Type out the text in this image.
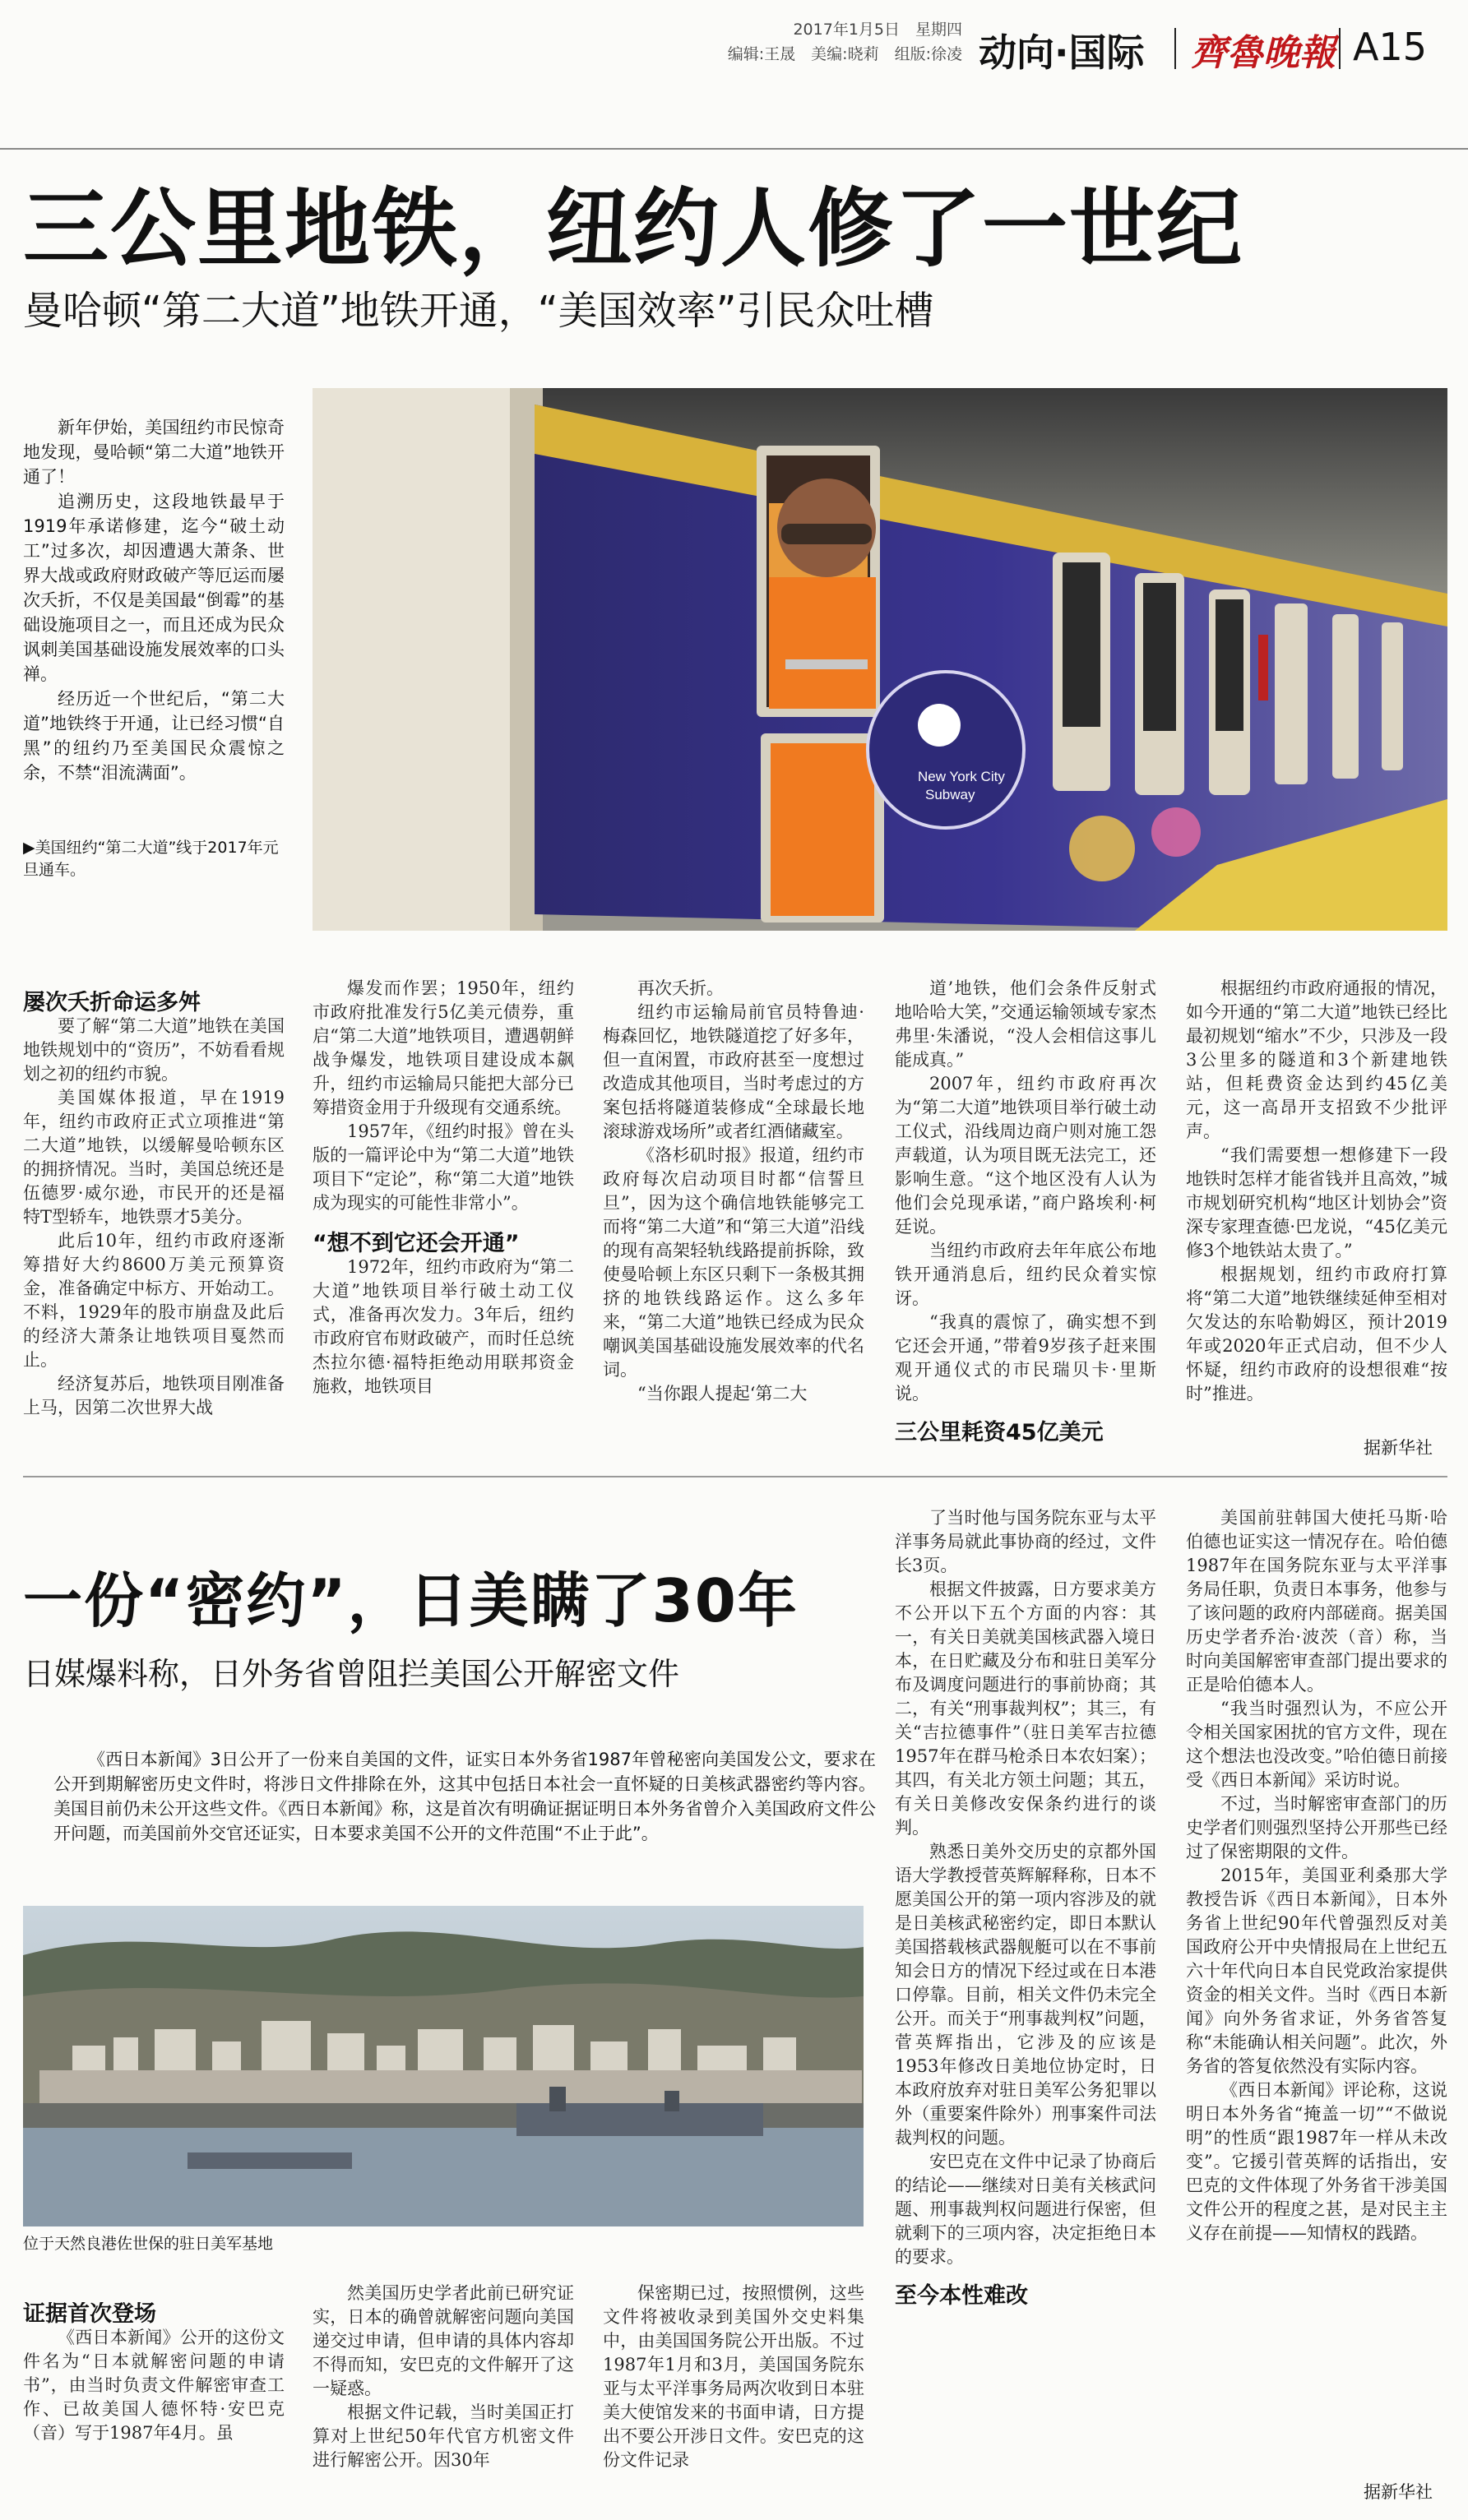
2017年1月5日　星期四
编辑:王晟　美编:晓莉　组版:徐凌 动向·国际 齊魯晚報 A15
三公里地铁，纽约人修了一世纪
曼哈顿“第二大道”地铁开通，“美国效率”引民众吐槽

新年伊始，美国纽约市民惊奇地发现，曼哈顿“第二大道”地铁开通了！

追溯历史，这段地铁最早于1919年承诺修建，迄今“破土动工”过多次，却因遭遇大萧条、世界大战或政府财政破产等厄运而屡次夭折，不仅是美国最“倒霉”的基础设施项目之一，而且还成为民众讽刺美国基础设施发展效率的口头禅。

经历近一个世纪后，“第二大道”地铁终于开通，让已经习惯“自黑”的纽约乃至美国民众震惊之余，不禁“泪流满面”。

▶美国纽约“第二大道”线于2017年元旦通车。
New York City
Subway

屡次夭折命运多舛

要了解“第二大道”地铁在美国地铁规划中的“资历”，不妨看看规划之初的纽约市貌。

美国媒体报道，早在1919年，纽约市政府正式立项推进“第二大道”地铁，以缓解曼哈顿东区的拥挤情况。当时，美国总统还是伍德罗·威尔逊，市民开的还是福特T型轿车，地铁票才5美分。

此后10年，纽约市政府逐渐筹措好大约8600万美元预算资金，准备确定中标方、开始动工。不料，1929年的股市崩盘及此后的经济大萧条让地铁项目戛然而止。

经济复苏后，地铁项目刚准备上马，因第二次世界大战

爆发而作罢；1950年，纽约市政府批准发行5亿美元债券，重启“第二大道”地铁项目，遭遇朝鲜战争爆发，地铁项目建设成本飙升，纽约市运输局只能把大部分已筹措资金用于升级现有交通系统。

1957年，《纽约时报》曾在头版的一篇评论中为“第二大道”地铁项目下“定论”，称“第二大道”地铁成为现实的可能性非常小”。

“想不到它还会开通”

1972年，纽约市政府为“第二大道”地铁项目举行破土动工仪式，准备再次发力。3年后，纽约市政府官布财政破产，而时任总统杰拉尔德·福特拒绝动用联邦资金施救，地铁项目

再次夭折。

纽约市运输局前官员特鲁迪·梅森回忆，地铁隧道挖了好多年，但一直闲置，市政府甚至一度想过改造成其他项目，当时考虑过的方案包括将隧道装修成“全球最长地滚球游戏场所”或者红酒储藏室。

《洛杉矶时报》报道，纽约市政府每次启动项目时都“信誓旦旦”，因为这个确信地铁能够完工而将“第二大道”和“第三大道”沿线的现有高架轻轨线路提前拆除，致使曼哈顿上东区只剩下一条极其拥挤的地铁线路运作。这么多年来，“第二大道”地铁已经成为民众嘲讽美国基础设施发展效率的代名词。

“当你跟人提起‘第二大

道’地铁，他们会条件反射式地哈哈大笑，”交通运输领域专家杰弗里·朱潘说，“没人会相信这事儿能成真。”

2007年，纽约市政府再次为“第二大道”地铁项目举行破土动工仪式，沿线周边商户则对施工怨声载道，认为项目既无法完工，还影响生意。“这个地区没有人认为他们会兑现承诺，”商户路埃利·柯廷说。

当纽约市政府去年年底公布地铁开通消息后，纽约民众着实惊讶。

“我真的震惊了，确实想不到它还会开通，”带着9岁孩子赶来围观开通仪式的市民瑞贝卡·里斯说。

三公里耗资45亿美元

根据纽约市政府通报的情况，如今开通的“第二大道”地铁已经比最初规划“缩水”不少，只涉及一段3公里多的隧道和3个新建地铁站，但耗费资金达到约45亿美元，这一高昂开支招致不少批评声。

“我们需要想一想修建下一段地铁时怎样才能省钱并且高效，”城市规划研究机构“地区计划协会”资深专家理查德·巴龙说，“45亿美元修3个地铁站太贵了。”

根据规划，纽约市政府打算将“第二大道”地铁继续延伸至相对欠发达的东哈勒姆区，预计2019年或2020年正式启动，但不少人怀疑，纽约市政府的设想很难“按时”推进。

据新华社
一份“密约”，日美瞒了30年
日媒爆料称，日外务省曾阻拦美国公开解密文件

《西日本新闻》3日公开了一份来自美国的文件，证实日本外务省1987年曾秘密向美国发公文，要求在公开到期解密历史文件时，将涉日文件排除在外，这其中包括日本社会一直怀疑的日美核武器密约等内容。美国目前仍未公开这些文件。《西日本新闻》称，这是首次有明确证据证明日本外务省曾介入美国政府文件公开问题，而美国前外交官还证实，日本要求美国不公开的文件范围“不止于此”。

位于天然良港佐世保的驻日美军基地

证据首次登场

《西日本新闻》公开的这份文件名为“日本就解密问题的申请书”，由当时负责文件解密审查工作、已故美国人德怀特·安巴克（音）写于1987年4月。虽

然美国历史学者此前已研究证实，日本的确曾就解密问题向美国递交过申请，但申请的具体内容却不得而知，安巴克的文件解开了这一疑惑。

根据文件记载，当时美国正打算对上世纪50年代官方机密文件进行解密公开。因30年

保密期已过，按照惯例，这些文件将被收录到美国外交史料集中，由美国国务院公开出版。不过1987年1月和3月，美国国务院东亚与太平洋事务局两次收到日本驻美大使馆发来的书面申请，日方提出不要公开涉日文件。安巴克的这份文件记录

了当时他与国务院东亚与太平洋事务局就此事协商的经过，文件长3页。

根据文件披露，日方要求美方不公开以下五个方面的内容：其一，有关日美就美国核武器入境日本，在日贮藏及分布和驻日美军分布及调度问题进行的事前协商；其二，有关“刑事裁判权”；其三，有关“吉拉德事件”（驻日美军吉拉德1957年在群马枪杀日本农妇案）；其四，有关北方领土问题；其五，有关日美修改安保条约进行的谈判。

熟悉日美外交历史的京都外国语大学教授菅英辉解释称，日本不愿美国公开的第一项内容涉及的就是日美核武秘密约定，即日本默认美国搭载核武器舰艇可以在不事前知会日方的情况下经过或在日本港口停靠。目前，相关文件仍未完全公开。而关于“刑事裁判权”问题，菅英辉指出，它涉及的应该是1953年修改日美地位协定时，日本政府放弃对驻日美军公务犯罪以外（重要案件除外）刑事案件司法裁判权的问题。

安巴克在文件中记录了协商后的结论——继续对日美有关核武问题、刑事裁判权问题进行保密，但就剩下的三项内容，决定拒绝日本的要求。

至今本性难改

美国前驻韩国大使托马斯·哈伯德也证实这一情况存在。哈伯德1987年在国务院东亚与太平洋事务局任职，负责日本事务，他参与了该问题的政府内部磋商。据美国历史学者乔治·波茨（音）称，当时向美国解密审查部门提出要求的正是哈伯德本人。

“我当时强烈认为，不应公开令相关国家困扰的官方文件，现在这个想法也没改变。”哈伯德日前接受《西日本新闻》采访时说。

不过，当时解密审查部门的历史学者们则强烈坚持公开那些已经过了保密期限的文件。

2015年，美国亚利桑那大学教授告诉《西日本新闻》，日本外务省上世纪90年代曾强烈反对美国政府公开中央情报局在上世纪五六十年代向日本自民党政治家提供资金的相关文件。当时《西日本新闻》向外务省求证，外务省答复称“未能确认相关问题”。此次，外务省的答复依然没有实际内容。

《西日本新闻》评论称，这说明日本外务省“掩盖一切”“不做说明”的性质“跟1987年一样从未改变”。它援引菅英辉的话指出，安巴克的文件体现了外务省干涉美国文件公开的程度之甚，是对民主主义存在前提——知情权的践踏。

据新华社
